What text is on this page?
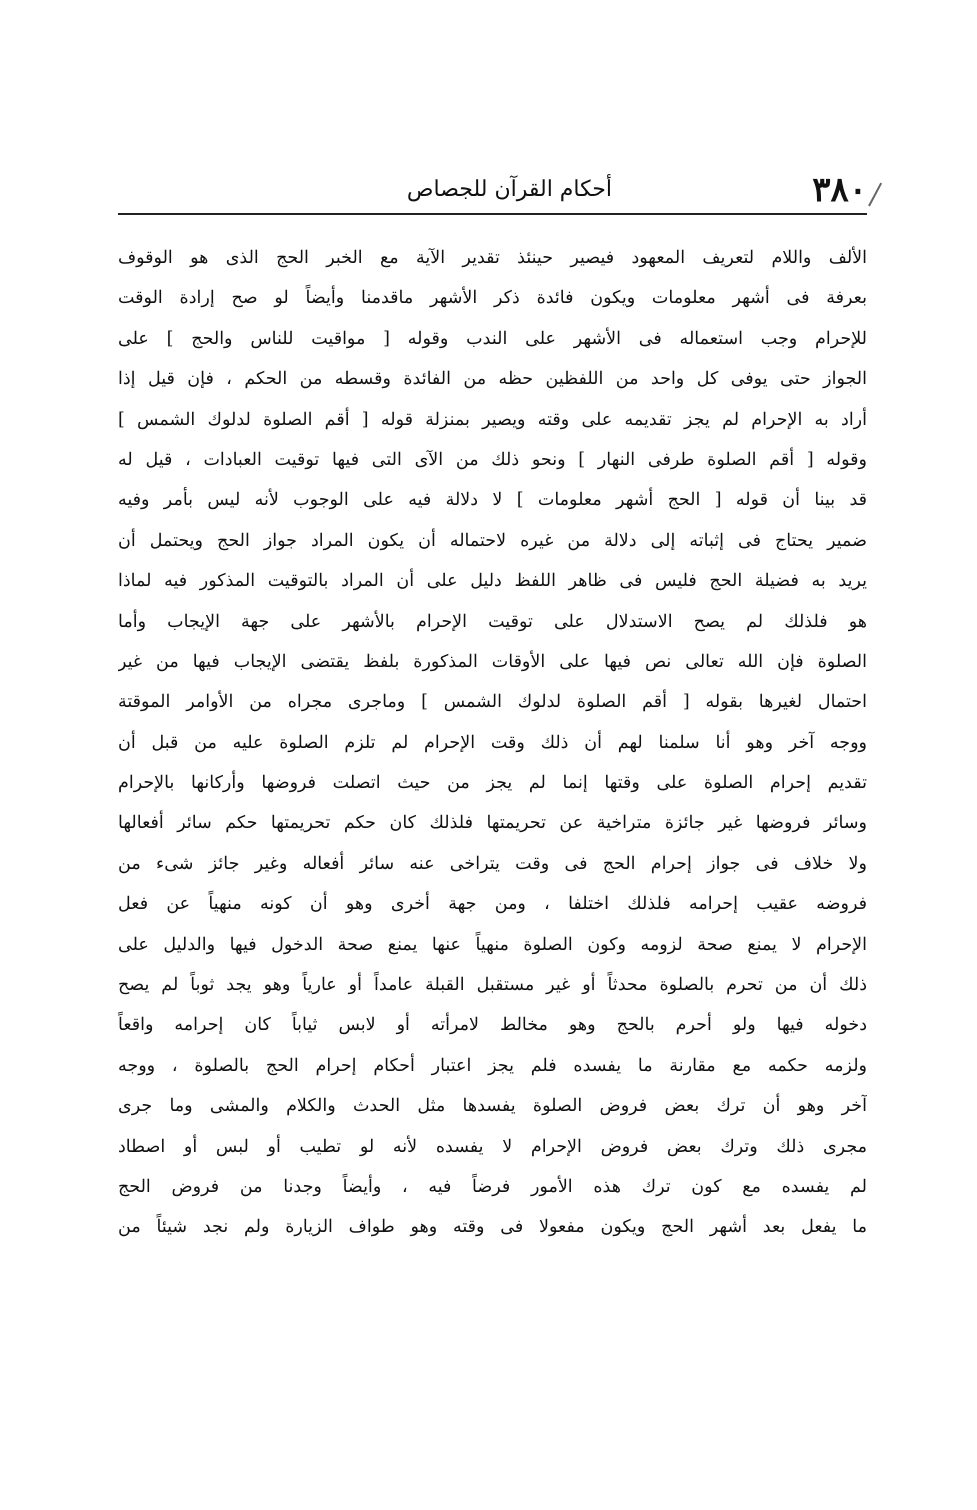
٣٨٠
أحكام القرآن للجصاص
الألف واللام لتعريف المعهود فيصير حينئذ تقدير الآية مع الخبر الحج الذى هو الوقوف
بعرفة فى أشهر معلومات ويكون فائدة ذكر الأشهر ماقدمنا وأيضاً لو صح إرادة الوقت
للإحرام وجب استعماله فى الأشهر على الندب وقوله [ مواقيت للناس والحج ] على
الجواز حتى يوفى كل واحد من اللفظين حظه من الفائدة وقسطه من الحكم ، فإن قيل إذا
أراد به الإحرام لم يجز تقديمه على وقته ويصير بمنزلة قوله [ أقم الصلوة لدلوك الشمس ]
وقوله [ أقم الصلوة طرفى النهار ] ونحو ذلك من الآى التى فيها توقيت العبادات ، قيل له
قد بينا أن قوله [ الحج أشهر معلومات ] لا دلالة فيه على الوجوب لأنه ليس بأمر وفيه
ضمير يحتاج فى إثباته إلى دلالة من غيره لاحتماله أن يكون المراد جواز الحج ويحتمل أن
يريد به فضيلة الحج فليس فى ظاهر اللفظ دليل على أن المراد بالتوقيت المذكور فيه لماذا
هو فلذلك لم يصح الاستدلال على توقيت الإحرام بالأشهر على جهة الإيجاب وأما
الصلوة فإن الله تعالى نص فيها على الأوقات المذكورة بلفظ يقتضى الإيجاب فيها من غير
احتمال لغيرها بقوله [ أقم الصلوة لدلوك الشمس ] وماجرى مجراه من الأوامر الموقتة
ووجه آخر وهو أنا سلمنا لهم أن ذلك وقت الإحرام لم تلزم الصلوة عليه من قبل أن
تقديم إحرام الصلوة على وقتها إنما لم يجز من حيث اتصلت فروضها وأركانها بالإحرام
وسائر فروضها غير جائزة متراخية عن تحريمتها فلذلك كان حكم تحريمتها حكم سائر أفعالها
ولا خلاف فى جواز إحرام الحج فى وقت يتراخى عنه سائر أفعاله وغير جائز شىء من
فروضه عقيب إحرامه فلذلك اختلفا ، ومن جهة أخرى وهو أن كونه منهياً عن فعل
الإحرام لا يمنع صحة لزومه وكون الصلوة منهياً عنها يمنع صحة الدخول فيها والدليل على
ذلك أن من تحرم بالصلوة محدثاً أو غير مستقبل القبلة عامداً أو عارياً وهو يجد ثوباً لم يصح
دخوله فيها ولو أحرم بالحج وهو مخالط لامرأته أو لابس ثياباً كان إحرامه واقعاً
ولزمه حكمه مع مقارنة ما يفسده فلم يجز اعتبار أحكام إحرام الحج بالصلوة ، ووجه
آخر وهو أن ترك بعض فروض الصلوة يفسدها مثل الحدث والكلام والمشى وما جرى
مجرى ذلك وترك بعض فروض الإحرام لا يفسده لأنه لو تطيب أو لبس أو اصطاد
لم يفسده مع كون ترك هذه الأمور فرضاً فيه ، وأيضاً وجدنا من فروض الحج
ما يفعل بعد أشهر الحج ويكون مفعولا فى وقته وهو طواف الزيارة ولم نجد شيئاً من
